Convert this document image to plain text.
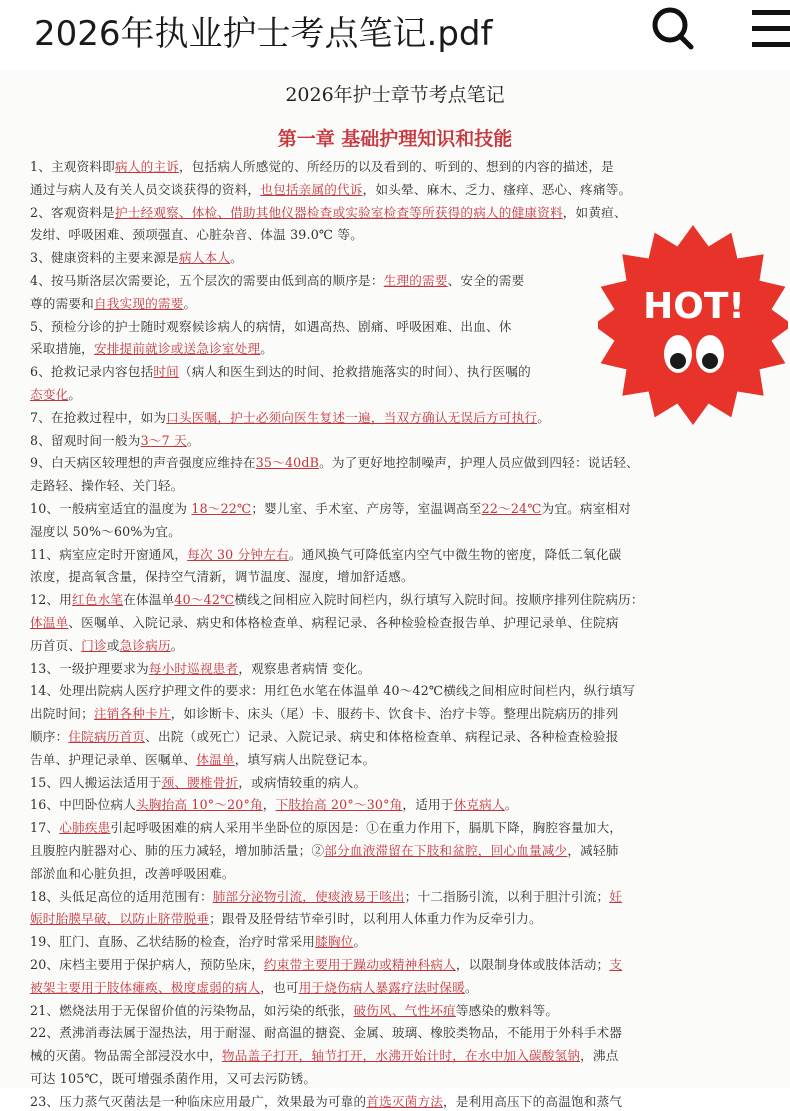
2026年执业护士考点笔记.pdf
2026年护士章节考点笔记
第一章 基础护理知识和技能
1、主观资料即病人的主诉，包括病人所感觉的、所经历的以及看到的、听到的、想到的内容的描述，是
通过与病人及有关人员交谈获得的资料，也包括亲属的代诉，如头晕、麻木、乏力、瘙痒、恶心、疼痛等。
2、客观资料是护士经观察、体检、借助其他仪器检查或实验室检查等所获得的病人的健康资料，如黄疸、
发绀、呼吸困难、颈项强直、心脏杂音、体温 39.0℃ 等。
3、健康资料的主要来源是病人本人。
4、按马斯洛层次需要论，五个层次的需要由低到高的顺序是：生理的需要、安全的需要
尊的需要和自我实现的需要。
5、预检分诊的护士随时观察候诊病人的病情，如遇高热、剧痛、呼吸困难、出血、休
采取措施，安排提前就诊或送急诊室处理。
6、抢救记录内容包括时间（病人和医生到达的时间、抢救措施落实的时间）、执行医嘱的
态变化。
7、在抢救过程中，如为口头医嘱，护士必须向医生复述一遍，当双方确认无误后方可执行。
8、留观时间一般为3～7 天。
9、白天病区较理想的声音强度应维持在35～40dB。为了更好地控制噪声，护理人员应做到四轻：说话轻、
走路轻、操作轻、关门轻。
10、一般病室适宜的温度为 18～22℃；婴儿室、手术室、产房等，室温调高至22～24℃为宜。病室相对
湿度以 50%～60%为宜。
11、病室应定时开窗通风，每次 30 分钟左右。通风换气可降低室内空气中微生物的密度，降低二氧化碳
浓度，提高氧含量，保持空气清新，调节温度、湿度，增加舒适感。
12、用红色水笔在体温单40～42℃横线之间相应入院时间栏内，纵行填写入院时间。按顺序排列住院病历：
体温单、医嘱单、入院记录、病史和体格检查单、病程记录、各种检验检查报告单、护理记录单、住院病
历首页、门诊或急诊病历。
13、一级护理要求为每小时巡视患者，观察患者病情 变化。
14、处理出院病人医疗护理文件的要求：用红色水笔在体温单 40～42℃横线之间相应时间栏内，纵行填写
出院时间；注销各种卡片，如诊断卡、床头（尾）卡、服药卡、饮食卡、治疗卡等。整理出院病历的排列
顺序：住院病历首页、出院（或死亡）记录、入院记录、病史和体格检查单、病程记录、各种检查检验报
告单、护理记录单、医嘱单、体温单，填写病人出院登记本。
15、四人搬运法适用于颈、腰椎骨折，或病情较重的病人。
16、中凹卧位病人头胸抬高 10°～20°角，下肢抬高 20°～30°角，适用于休克病人。
17、心肺疾患引起呼吸困难的病人采用半坐卧位的原因是：①在重力作用下，膈肌下降，胸腔容量加大，
且腹腔内脏器对心、肺的压力减轻，增加肺活量；②部分血液滞留在下肢和盆腔，回心血量减少，减轻肺
部淤血和心脏负担，改善呼吸困难。
18、头低足高位的适用范围有：肺部分泌物引流，使痰液易于咳出；十二指肠引流，以利于胆汁引流；妊
娠时胎膜早破，以防止脐带脱垂；跟骨及胫骨结节牵引时，以利用人体重力作为反牵引力。
19、肛门、直肠、乙状结肠的检查，治疗时常采用膝胸位。
20、床档主要用于保护病人，预防坠床，约束带主要用于躁动或精神科病人，以限制身体或肢体活动；支
被架主要用于肢体瘫痪、极度虚弱的病人，也可用于烧伤病人暴露疗法时保暖。
21、燃烧法用于无保留价值的污染物品，如污染的纸张，破伤风、气性坏疽等感染的敷料等。
22、煮沸消毒法属于湿热法，用于耐湿、耐高温的搪瓷、金属、玻璃、橡胶类物品，不能用于外科手术器
械的灭菌。物品需全部浸没水中，物品盖子打开，轴节打开，水沸开始计时，在水中加入碳酸氢钠，沸点
可达 105℃，既可增强杀菌作用，又可去污防锈。
23、压力蒸气灭菌法是一种临床应用最广，效果最为可靠的首选灭菌方法，是利用高压下的高温饱和蒸气
HOT!
